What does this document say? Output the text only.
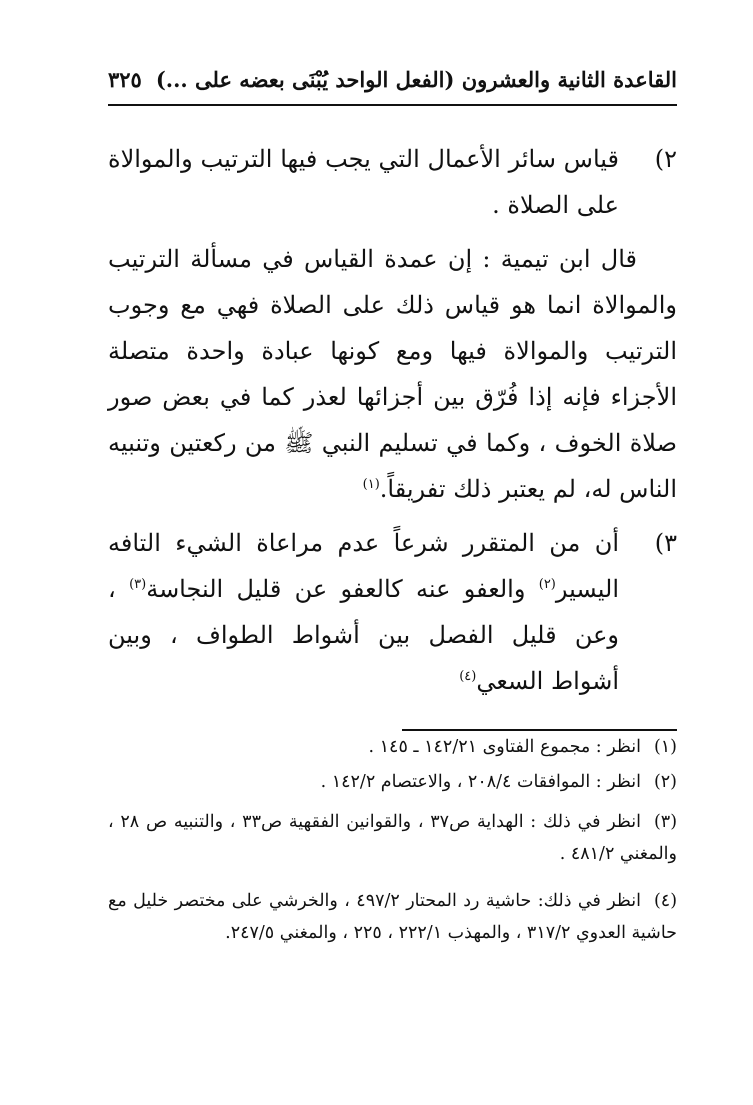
القاعدة الثانية والعشرون (الفعل الواحد يُبْنَى بعضه على ...)
٣٢٥
٢)
قياس سائر الأعمال التي يجب فيها الترتيب والموالاة على الصلاة .
قال ابن تيمية : إن عمدة القياس في مسألة الترتيب والموالاة انما هو قياس ذلك على الصلاة فهي مع وجوب الترتيب والموالاة فيها ومع كونها عبادة واحدة متصلة الأجزاء فإنه إذا فُرّق بين أجزائها لعذر كما في بعض صور صلاة الخوف ، وكما في تسليم النبي ﷺ من ركعتين وتنبيه الناس له، لم يعتبر ذلك تفريقاً.$^{(١)}$
٣)
أن من المتقرر شرعاً عدم مراعاة الشيء التافه اليسير$^{(٢)}$ والعفو عنه كالعفو عن قليل النجاسة$^{(٣)}$ ، وعن قليل الفصل بين أشواط الطواف ، وبين أشواط السعي$^{(٤)}$
(١)انظر : مجموع الفتاوى ١٤٢/٢١ ـ ١٤٥ .
(٢)انظر : الموافقات ٢٠٨/٤ ، والاعتصام ١٤٢/٢ .
(٣)انظر في ذلك : الهداية ص٣٧ ، والقوانين الفقهية ص٣٣ ، والتنبيه ص ٢٨ ، والمغني ٤٨١/٢ .
(٤)انظر في ذلك: حاشية رد المحتار ٤٩٧/٢ ، والخرشي على مختصر خليل مع حاشية العدوي ٣١٧/٢ ، والمهذب ٢٢٢/١ ، ٢٢٥ ، والمغني ٢٤٧/٥.
